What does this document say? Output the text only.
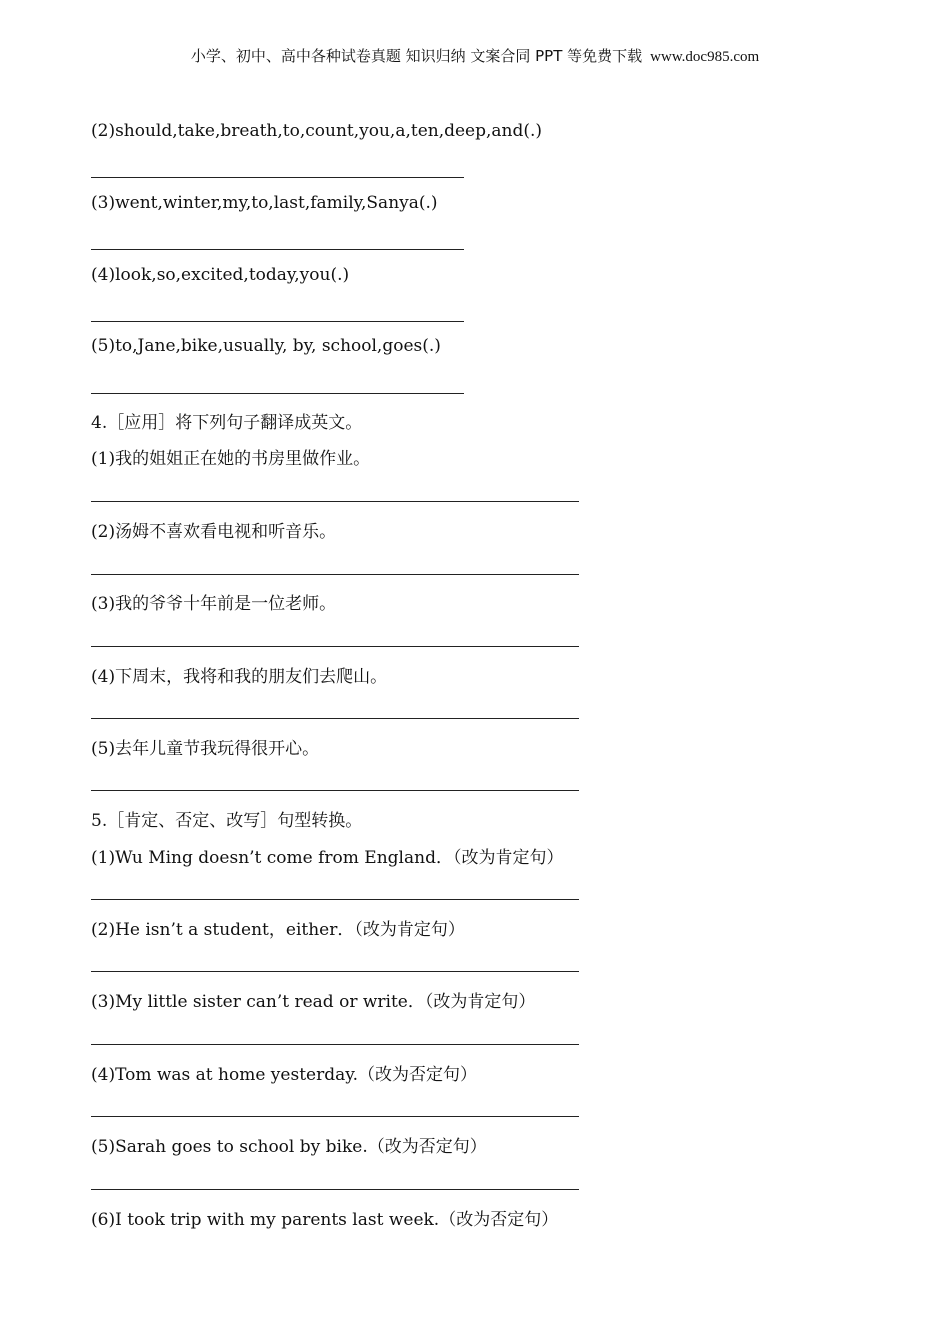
小学、初中、高中各种试卷真题 知识归纳 文案合同 PPT 等免费下载 www.doc985.com
(2)should,take,breath,to,count,you,a,ten,deep,and(.)
(3)went,winter,my,to,last,family,Sanya(.)
(4)look,so,excited,today,you(.)
(5)to,Jane,bike,usually, by, school,goes(.)
4.［应用］将下列句子翻译成英文。
(1)我的姐姐正在她的书房里做作业。
(2)汤姆不喜欢看电视和听音乐。
(3)我的爷爷十年前是一位老师。
(4)下周末，我将和我的朋友们去爬山。
(5)去年儿童节我玩得很开心。
5.［肯定、否定、改写］句型转换。
(1)Wu Ming doesn’t come from England．（改为肯定句）
(2)He isn’t a student，either．（改为肯定句）
(3)My little sister can’t read or write．（改为肯定句）
(4)Tom was at home yesterday.（改为否定句）
(5)Sarah goes to school by bike.（改为否定句）
(6)I took trip with my parents last week.（改为否定句）
